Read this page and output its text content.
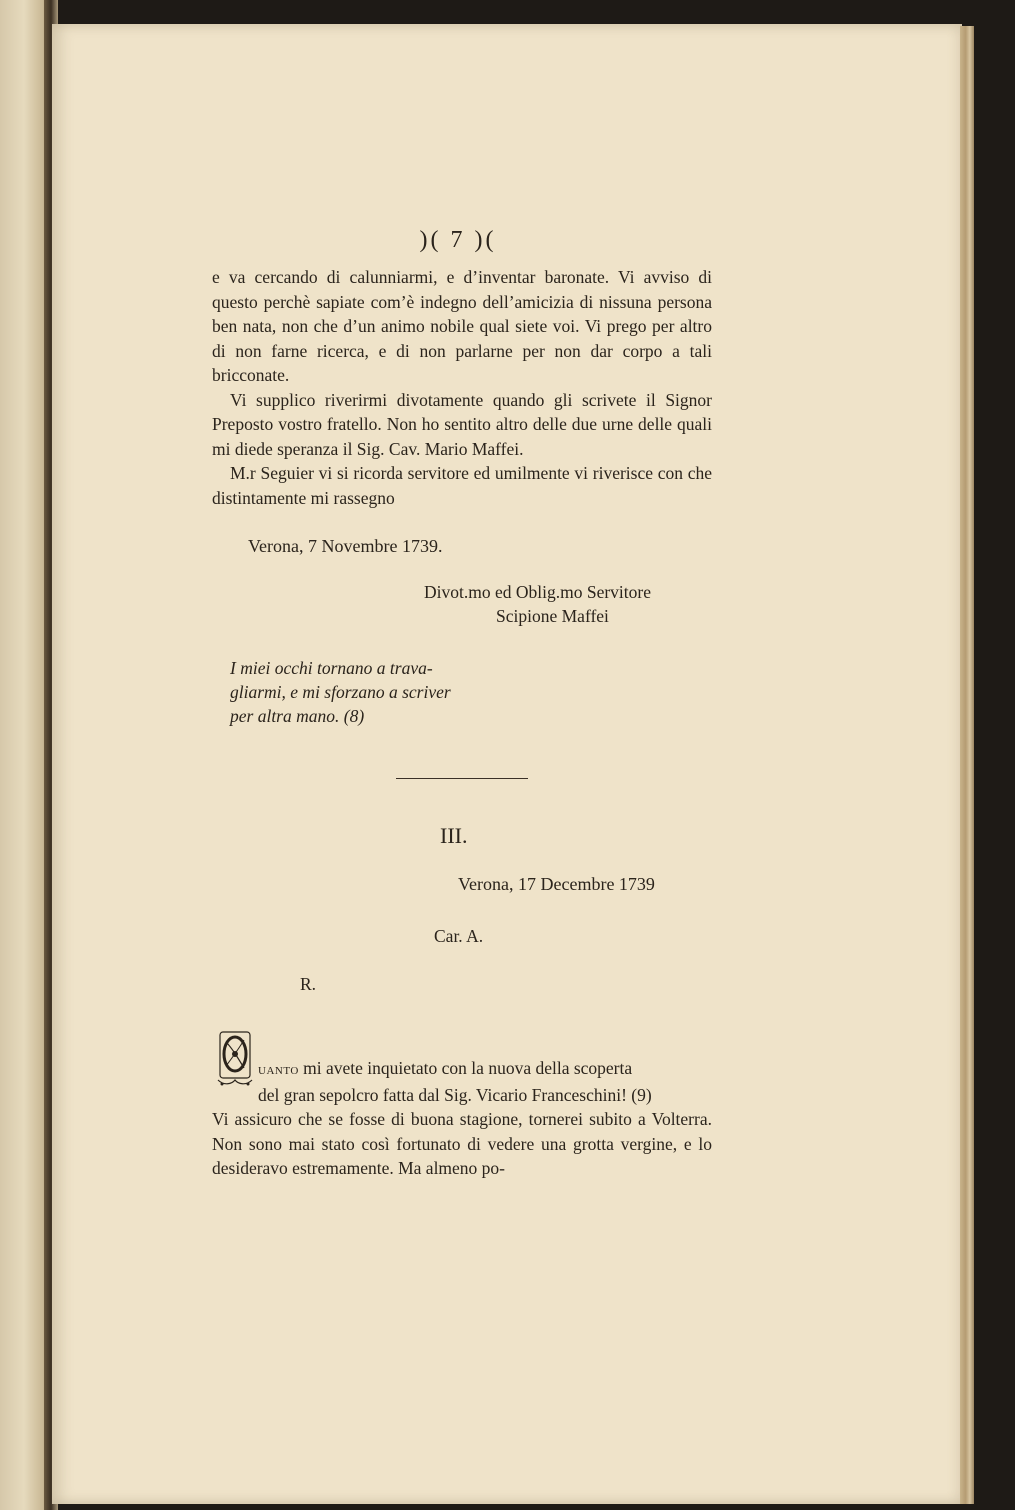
)( 7 )(

e va cercando di calunniarmi, e d’inventar baronate. Vi avviso di questo perchè sapiate com’è indegno dell’amicizia di nissuna persona ben nata, non che d’un animo nobile qual siete voi. Vi prego per altro di non farne ricerca, e di non parlarne per non dar corpo a tali bricconate.

Vi supplico riverirmi divotamente quando gli scrivete il Signor Preposto vostro fratello. Non ho sentito altro delle due urne delle quali mi diede speranza il Sig. Cav. Mario Maffei.

M.r Seguier vi si ricorda servitore ed umilmente vi riverisce con che distintamente mi rassegno

Verona, 7 Novembre 1739.
Divot.mo ed Oblig.mo Servitore
Scipione Maffei
I miei occhi tornano a trava-
gliarmi, e mi sforzano a scriver
per altra mano. (8)
III.
Verona, 17 Decembre 1739
Car. A.
R.

uanto mi avete inquietato con la nuova della scoperta

del gran sepolcro fatta dal Sig. Vicario Franceschini! (9)

Vi assicuro che se fosse di buona stagione, tornerei subito a Volterra. Non sono mai stato così fortunato di vedere una grotta vergine, e lo desideravo estremamente. Ma almeno po-
